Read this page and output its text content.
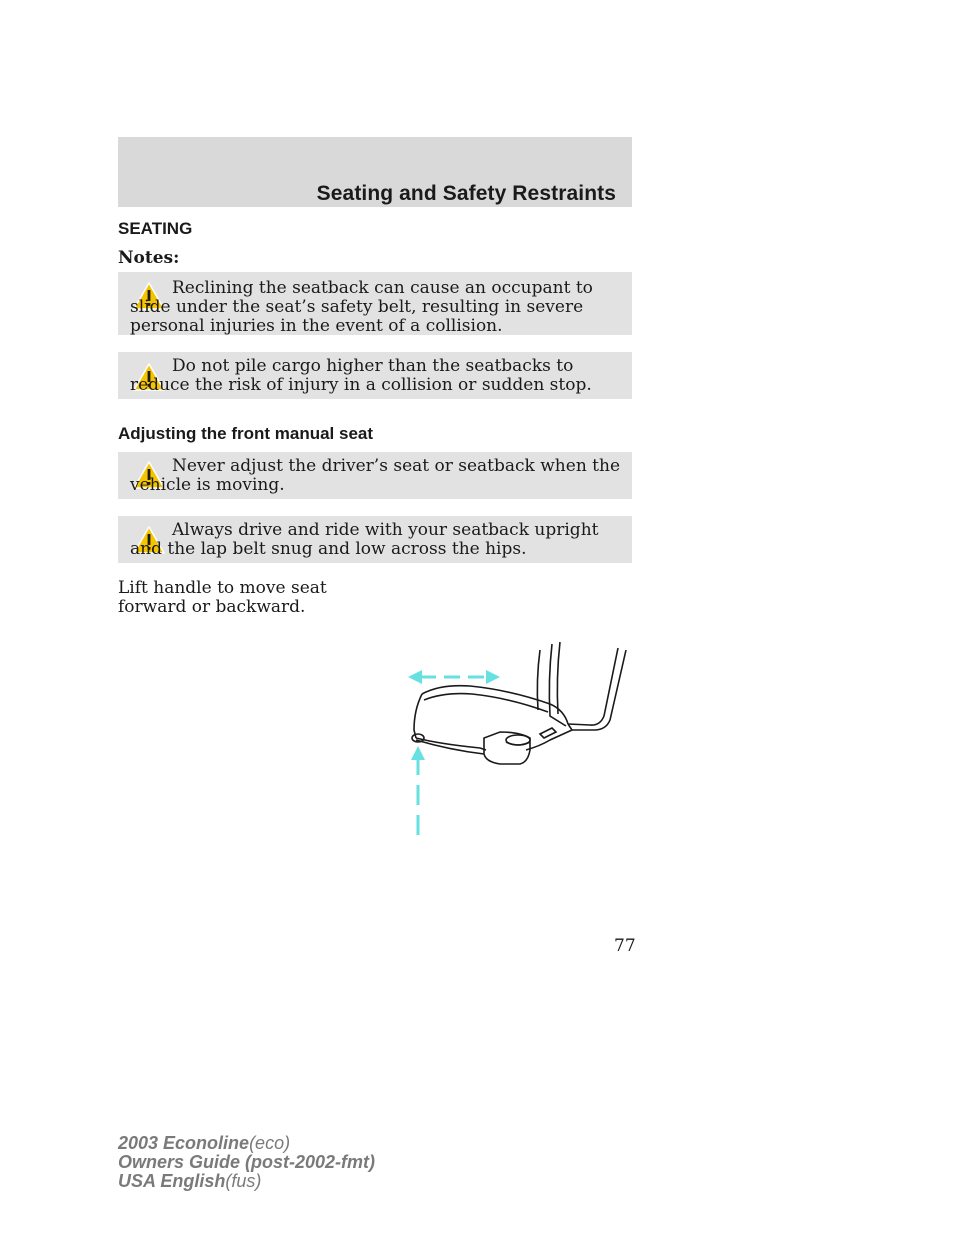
Seating and Safety Restraints
SEATING
Notes:
Reclining the seatback can cause an occupant to slide under the seat’s safety belt, resulting in severe personal injuries in the event of a collision.
Do not pile cargo higher than the seatbacks to reduce the risk of injury in a collision or sudden stop.
Adjusting the front manual seat
Never adjust the driver’s seat or seatback when the vehicle is moving.
Always drive and ride with your seatback upright and the lap belt snug and low across the hips.
Lift handle to move seat forward or backward.
77
2003 Econoline(eco)
Owners Guide (post-2002-fmt)
USA English(fus)
